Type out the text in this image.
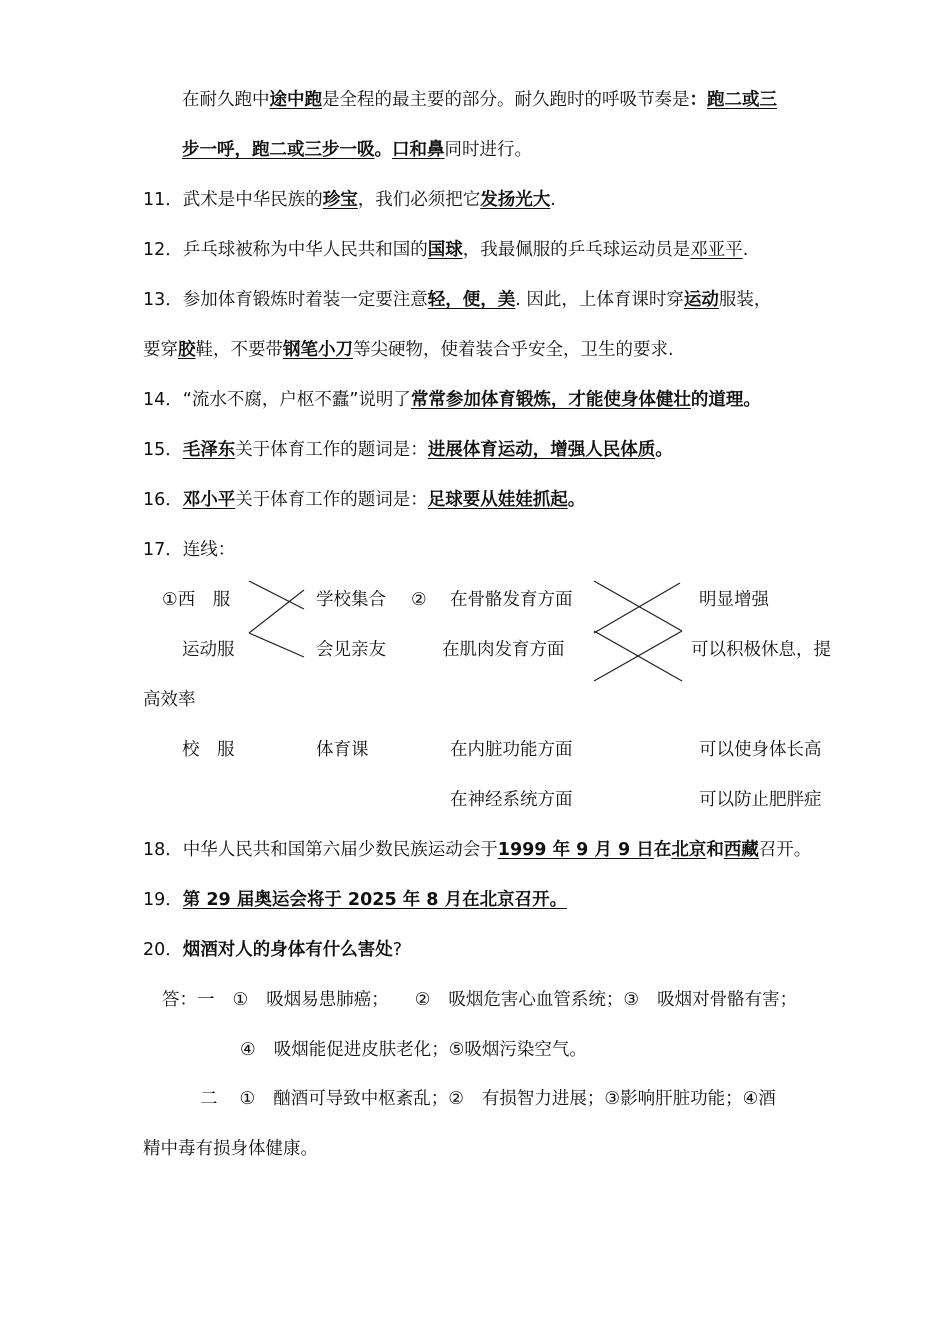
在耐久跑中途中跑是全程的最主要的部分。耐久跑时的呼吸节奏是：跑二或三
步一呼，跑二或三步一吸。口和鼻同时进行。
11．武术是中华民族的珍宝，我们必须把它发扬光大.
12．乒乓球被称为中华人民共和国的国球，我最佩服的乒乓球运动员是邓亚平.
13．参加体育锻炼时着装一定要注意轻，便，美. 因此，上体育课时穿运动服装，
要穿胶鞋，不要带钢笔小刀等尖硬物，使着装合乎安全，卫生的要求.
14．“流水不腐，户枢不蠹”说明了常常参加体育锻炼，才能使身体健壮的道理。
15．毛泽东关于体育工作的题词是：进展体育运动，增强人民体质。
16．邓小平关于体育工作的题词是：足球要从娃娃抓起。
17．连线：
①西　服
运动服
校　服
学校集合
会见亲友
体育课
② 在骨骼发育方面
在肌肉发育方面
在内脏功能方面
在神经系统方面
明显增强
可以积极休息，提
高效率
可以使身体长高
可以防止肥胖症
18．中华人民共和国第六届少数民族运动会于1999 年 9 月 9 日在北京和西藏召开。
19．第 29 届奥运会将于 2025 年 8 月在北京召开。
20．烟酒对人的身体有什么害处?
答：一 ① 吸烟易患肺癌； ② 吸烟危害心血管系统；③ 吸烟对骨骼有害；
④ 吸烟能促进皮肤老化；⑤吸烟污染空气。
二 ① 酗酒可导致中枢紊乱；② 有损智力进展；③影响肝脏功能；④酒
精中毒有损身体健康。
